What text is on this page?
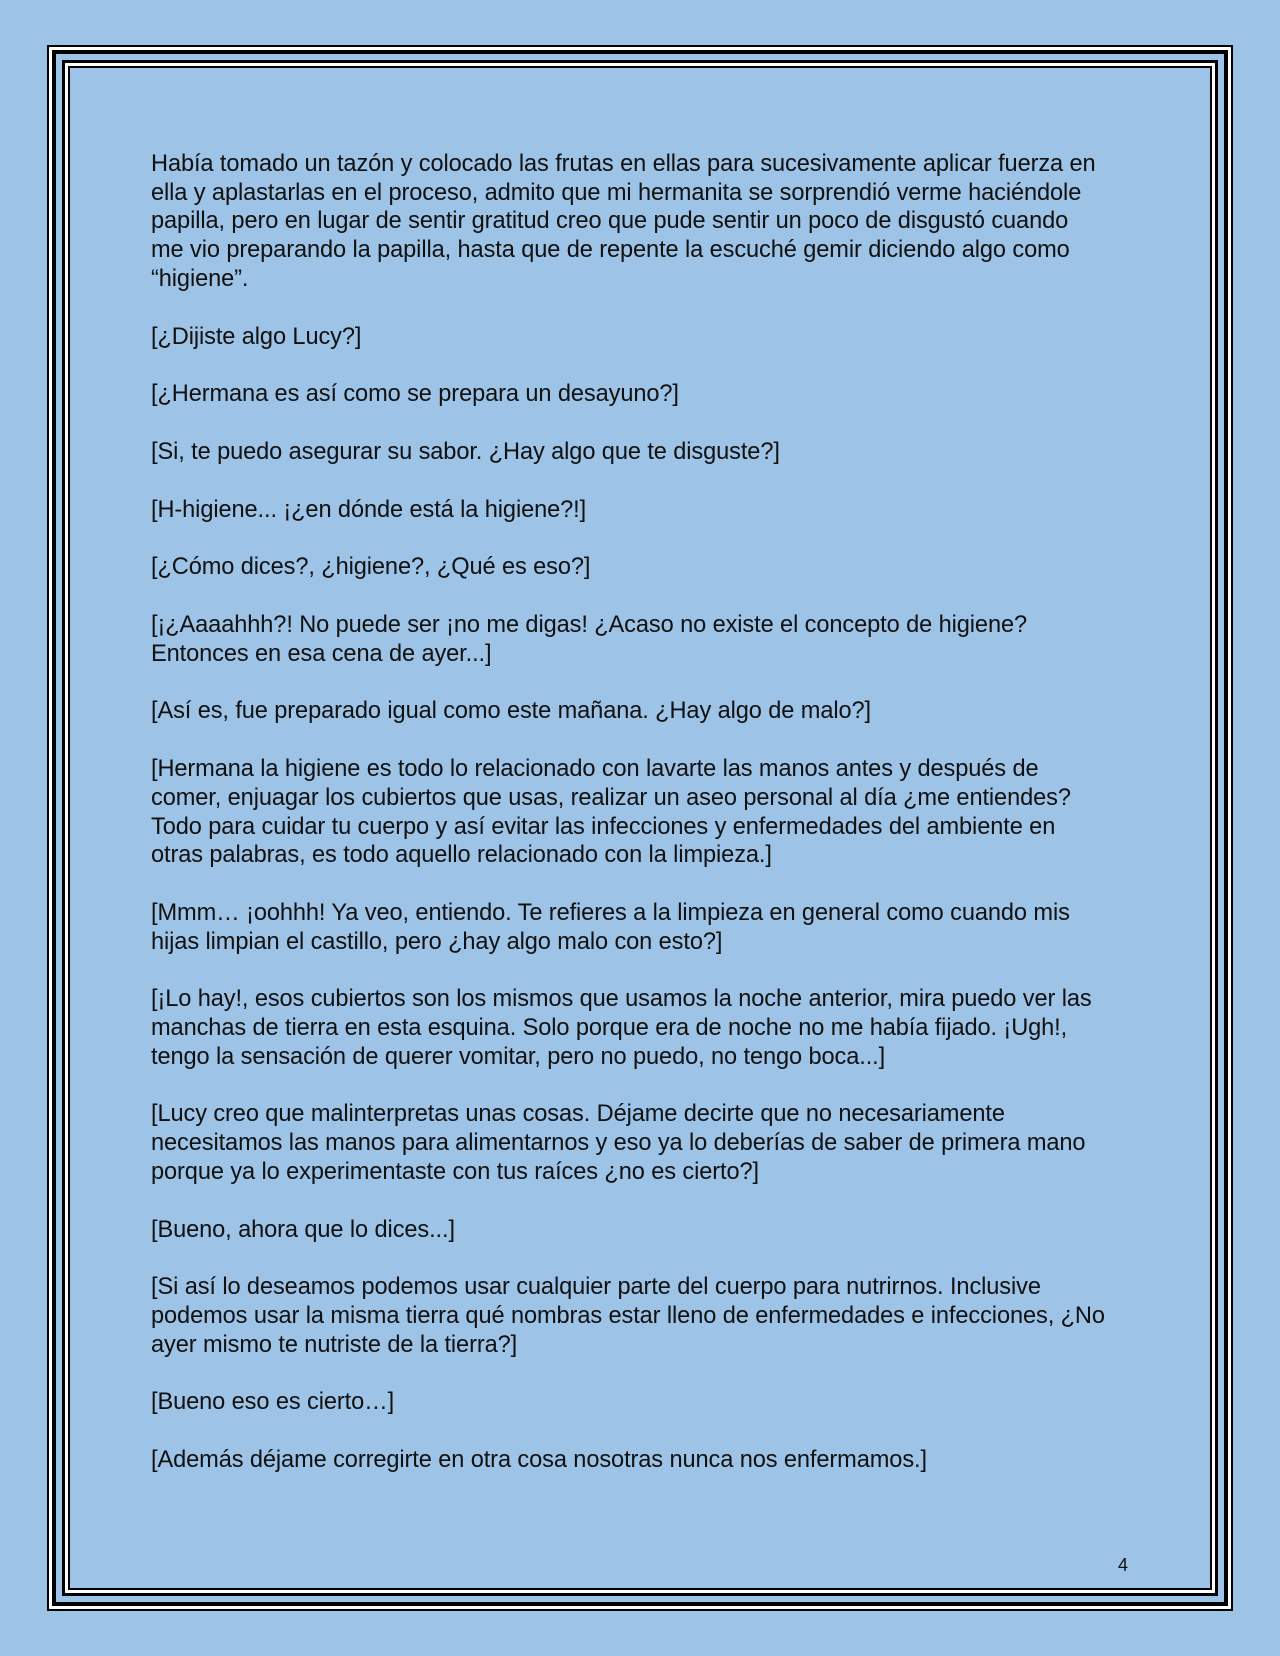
Había tomado un tazón y colocado las frutas en ellas para sucesivamente aplicar fuerza en ella y aplastarlas en el proceso, admito que mi hermanita se sorprendió verme haciéndole papilla, pero en lugar de sentir gratitud creo que pude sentir un poco de disgustó cuando me vio preparando la papilla, hasta que de repente la escuché gemir diciendo algo como “higiene”.

[¿Dijiste algo Lucy?]

[¿Hermana es así como se prepara un desayuno?]

[Si, te puedo asegurar su sabor. ¿Hay algo que te disguste?]

[H-higiene... ¡¿en dónde está la higiene?!]

[¿Cómo dices?, ¿higiene?, ¿Qué es eso?]

[¡¿Aaaahhh?! No puede ser ¡no me digas! ¿Acaso no existe el concepto de higiene? Entonces en esa cena de ayer...]

[Así es, fue preparado igual como este mañana. ¿Hay algo de malo?]

[Hermana la higiene es todo lo relacionado con lavarte las manos antes y después de comer, enjuagar los cubiertos que usas, realizar un aseo personal al día ¿me entiendes? Todo para cuidar tu cuerpo y así evitar las infecciones y enfermedades del ambiente en otras palabras, es todo aquello relacionado con la limpieza.]

[Mmm… ¡oohhh! Ya veo, entiendo. Te refieres a la limpieza en general como cuando mis hijas limpian el castillo, pero ¿hay algo malo con esto?]

[¡Lo hay!, esos cubiertos son los mismos que usamos la noche anterior, mira puedo ver las manchas de tierra en esta esquina. Solo porque era de noche no me había fijado. ¡Ugh!, tengo la sensación de querer vomitar, pero no puedo, no tengo boca...]

[Lucy creo que malinterpretas unas cosas. Déjame decirte que no necesariamente necesitamos las manos para alimentarnos y eso ya lo deberías de saber de primera mano porque ya lo experimentaste con tus raíces ¿no es cierto?]

[Bueno, ahora que lo dices...]

[Si así lo deseamos podemos usar cualquier parte del cuerpo para nutrirnos. Inclusive podemos usar la misma tierra qué nombras estar lleno de enfermedades e infecciones, ¿No ayer mismo te nutriste de la tierra?]

[Bueno eso es cierto…]

[Además déjame corregirte en otra cosa nosotras nunca nos enfermamos.]

4
